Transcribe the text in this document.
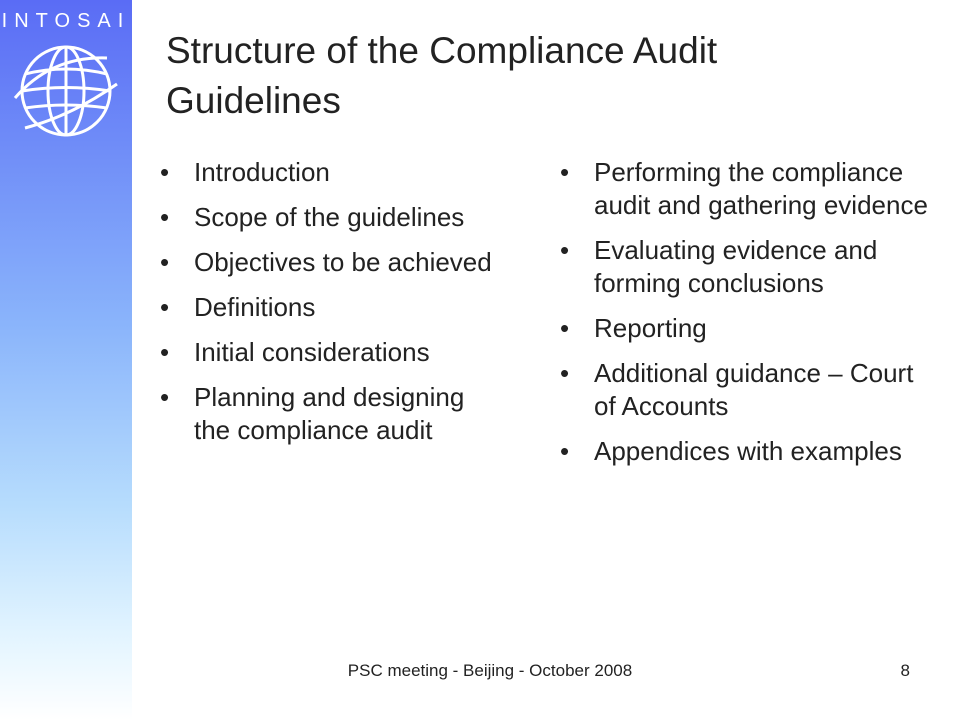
INTOSAI
Structure of the Compliance Audit
Guidelines
• Introduction
• Scope of the guidelines
• Objectives to be achieved
• Definitions
• Initial considerations
• Planning and designing the compliance audit
• Performing the compliance audit and gathering evidence
• Evaluating evidence and forming conclusions
• Reporting
• Additional guidance – Court of Accounts
• Appendices with examples
PSC meeting - Beijing - October 2008	8
